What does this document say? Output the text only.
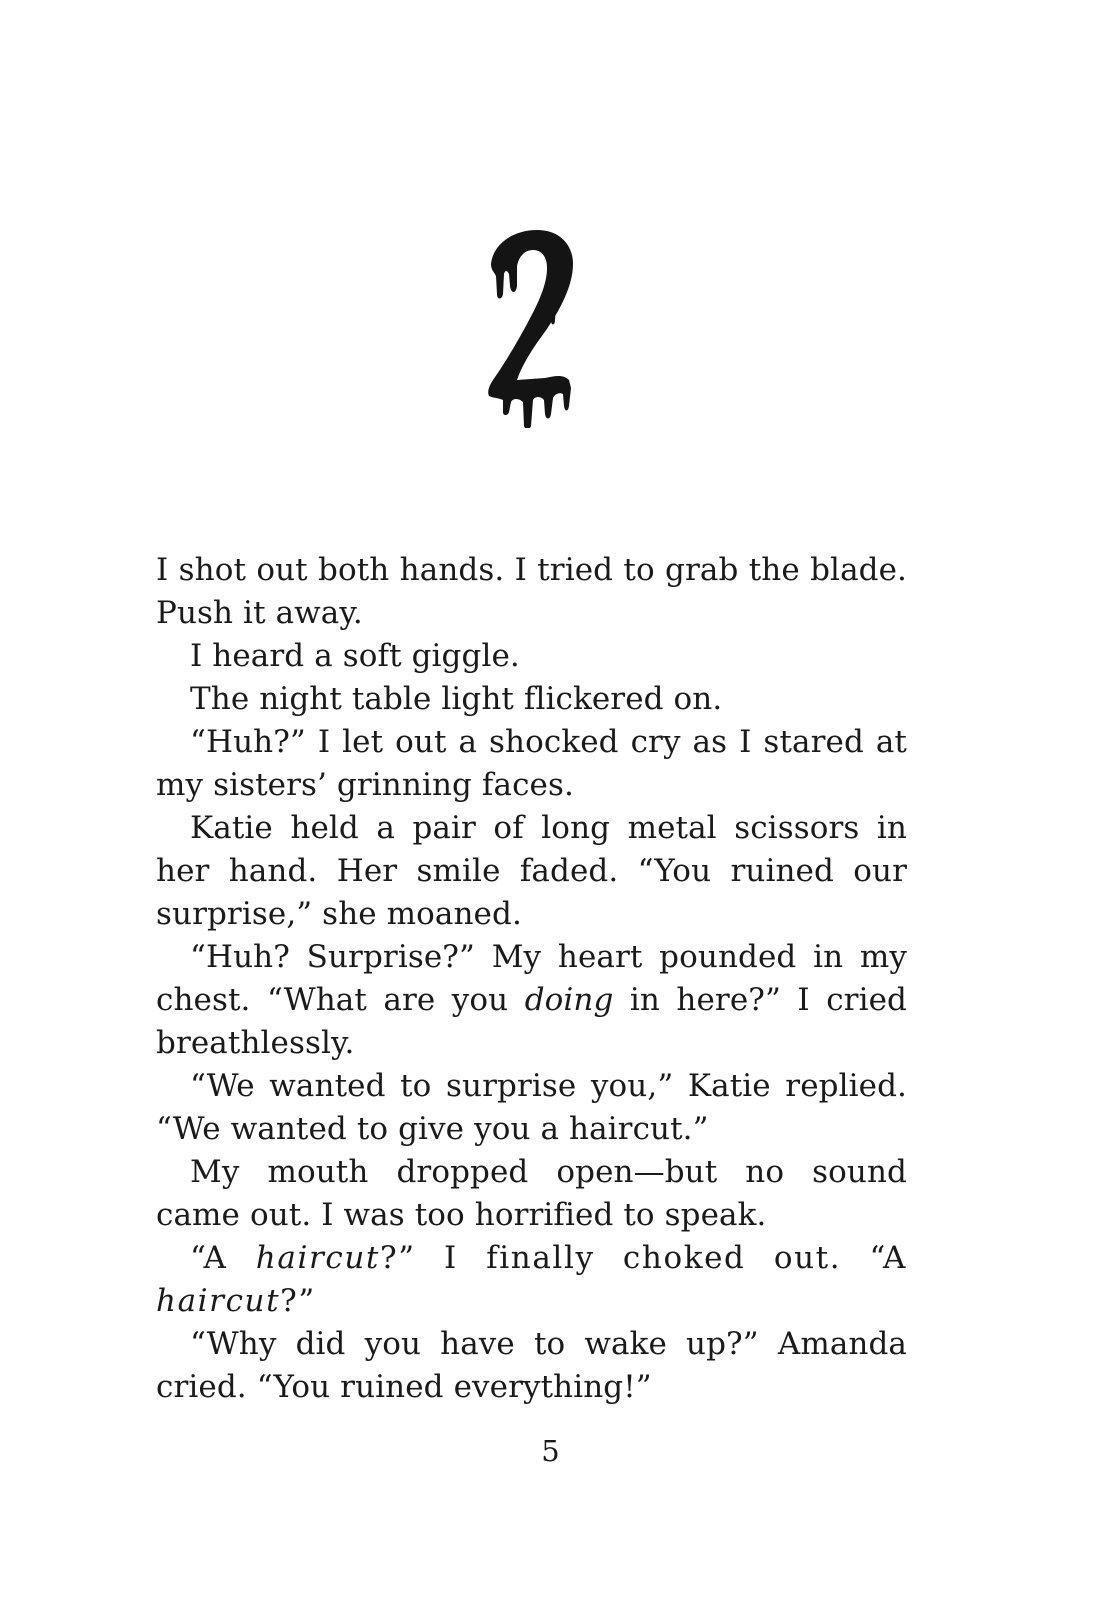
I shot out both hands. I tried to grab the blade. Push it away.

I heard a soft giggle.

The night table light flickered on.

“Huh?” I let out a shocked cry as I stared at my sisters’ grinning faces.

Katie held a pair of long metal scissors in her hand. Her smile faded. “You ruined our surprise,” she moaned.

“Huh? Surprise?” My heart pounded in my chest. “What are you doing in here?” I cried breathlessly.

“We wanted to surprise you,” Katie replied. “We wanted to give you a haircut.”

My mouth dropped open—but no sound came out. I was too horrified to speak.

“A haircut?” I finally choked out. “A haircut?”

“Why did you have to wake up?” Amanda cried. “You ruined everything!”

5
